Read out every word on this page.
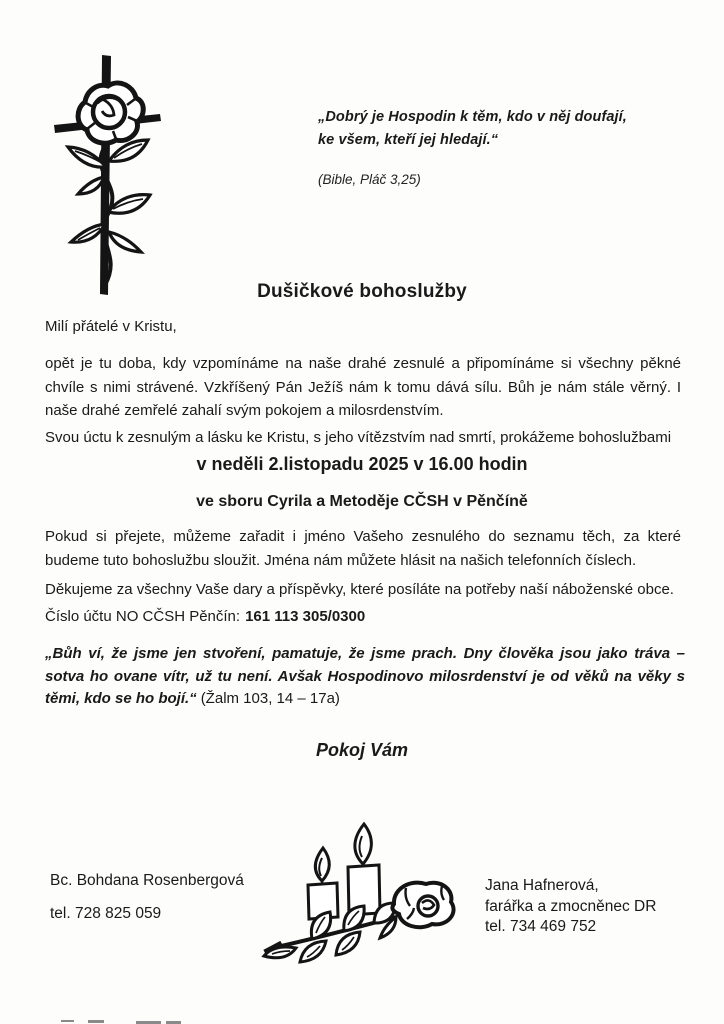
„Dobrý je Hospodin k těm, kdo v něj doufají,
ke všem, kteří jej hledají.“
(Bible, Pláč 3,25)
Dušičkové bohoslužby
Milí přátelé v Kristu,
opět je tu doba, kdy vzpomínáme na naše drahé zesnulé a připomínáme si všechny pěkné chvíle s nimi strávené. Vzkříšený Pán Ježíš nám k tomu dává sílu. Bůh je nám stále věrný. I naše drahé zemřelé zahalí svým pokojem a milosrdenstvím.
Svou úctu k zesnulým a lásku ke Kristu, s jeho vítězstvím nad smrtí, prokážeme bohoslužbami
v neděli 2.listopadu 2025 v 16.00 hodin
ve sboru Cyrila a Metoděje CČSH v Pěnčíně
Pokud si přejete, můžeme zařadit i jméno Vašeho zesnulého do seznamu těch, za které budeme tuto bohoslužbu sloužit. Jména nám můžete hlásit na našich telefonních číslech.
Děkujeme za všechny Vaše dary a příspěvky, které posíláte na potřeby naší náboženské obce.
Číslo účtu NO CČSH Pěnčín: 161 113 305/0300
„Bůh ví, že jsme jen stvoření, pamatuje, že jsme prach. Dny člověka jsou jako tráva – sotva ho ovane vítr, už tu není. Avšak Hospodinovo milosrdenství je od věků na věky s těmi, kdo se ho bojí.“ (Žalm 103, 14 – 17a)
Pokoj Vám
Bc. Bohdana Rosenbergová
tel. 728 825 059
Jana Hafnerová,
farářka a zmocněnec DR
tel. 734 469 752
